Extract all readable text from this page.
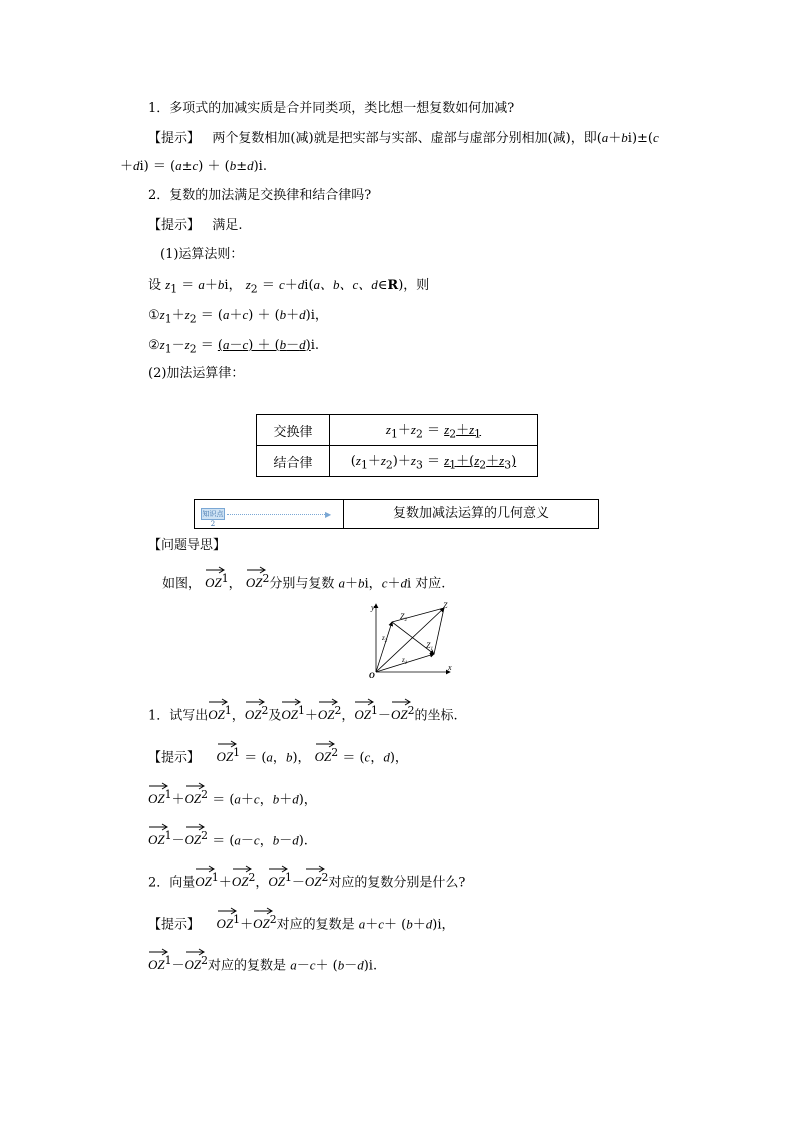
1．多项式的加减实质是合并同类项，类比想一想复数如何加减?
【提示】 两个复数相加(减)就是把实部与实部、虚部与虚部分别相加(减)，即(a＋bi)±(c
＋di) ＝ (a±c) ＋ (b±d)i.
2．复数的加法满足交换律和结合律吗?
【提示】 满足.
(1)运算法则：
设 $z_1 = a+bi$， $z_2 = c+di(a$、b、c、d∈R)，则
$①z_1+z_2 = (a+c) + (b+d)i$，
$②z_1-z_2 = (a-c) + (b-d)i$.
(2)加法运算律：
交换律	$z_1+z_2 = z_2+z_1$
结合律	$(z_1+z_2)+z_3 = z_1+(z_2+z_3)$
知识点2
▶	复数加减法运算的几何意义
【问题导思】
如图， $OZ^1$， $OZ^2$分别与复数 a＋bi，c＋di 对应.
y
x
O
Z
$Z_1$
$Z_2$
$z_1$
$z_2$
1．试写出
$OZ^1$，
$OZ^2$及
$OZ^1+$
$OZ^2$，
$OZ^1-$
$OZ^2$的坐标.
【提示】 $OZ^1 = (a$，b)， $OZ^2 = (c$，d)，
$OZ^1+$
$OZ^2 = (a+c$，b＋d)，
$OZ^1-$
$OZ^2 = (a-c$，b－d).
2．向量
$OZ^1+$
$OZ^2$，
$OZ^1-$
$OZ^2$对应的复数分别是什么?
【提示】 $OZ^1+$
$OZ^2$对应的复数是 a＋c＋ (b＋d)i，
$OZ^1-$
$OZ^2$对应的复数是 a－c＋ (b－d)i.
